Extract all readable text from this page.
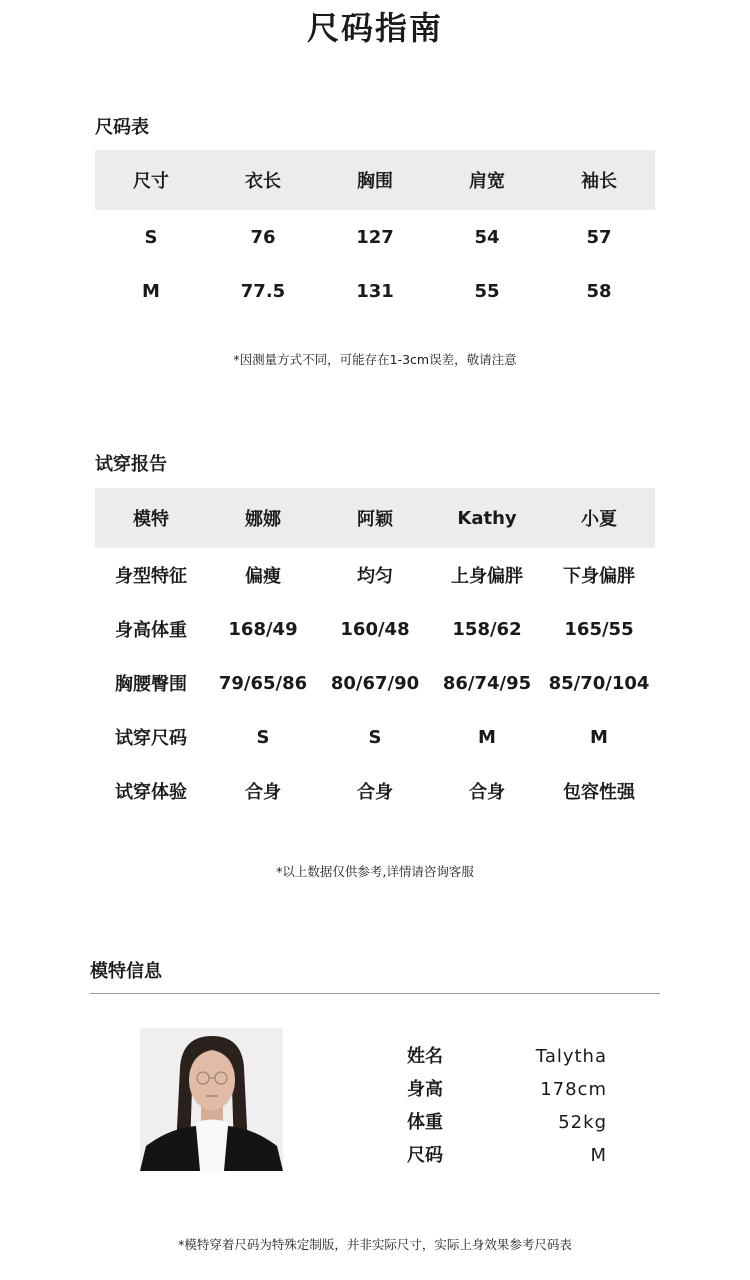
尺码指南
尺码表
尺寸	衣长	胸围	肩宽	袖长
S	76	127	54	57
M	77.5	131	55	58
*因测量方式不同，可能存在1-3cm误差，敬请注意
试穿报告
模特	娜娜	阿颖	Kathy	小夏
身型特征	偏瘦	均匀	上身偏胖	下身偏胖
身高体重	168/49	160/48	158/62	165/55
胸腰臀围	79/65/86	80/67/90	86/74/95	85/70/104
试穿尺码	S	S	M	M
试穿体验	合身	合身	合身	包容性强
*以上数据仅供参考,详情请咨询客服
模特信息
姓名	Talytha
身高	178cm
体重	52kg
尺码	M
*模特穿着尺码为特殊定制版，并非实际尺寸，实际上身效果参考尺码表
